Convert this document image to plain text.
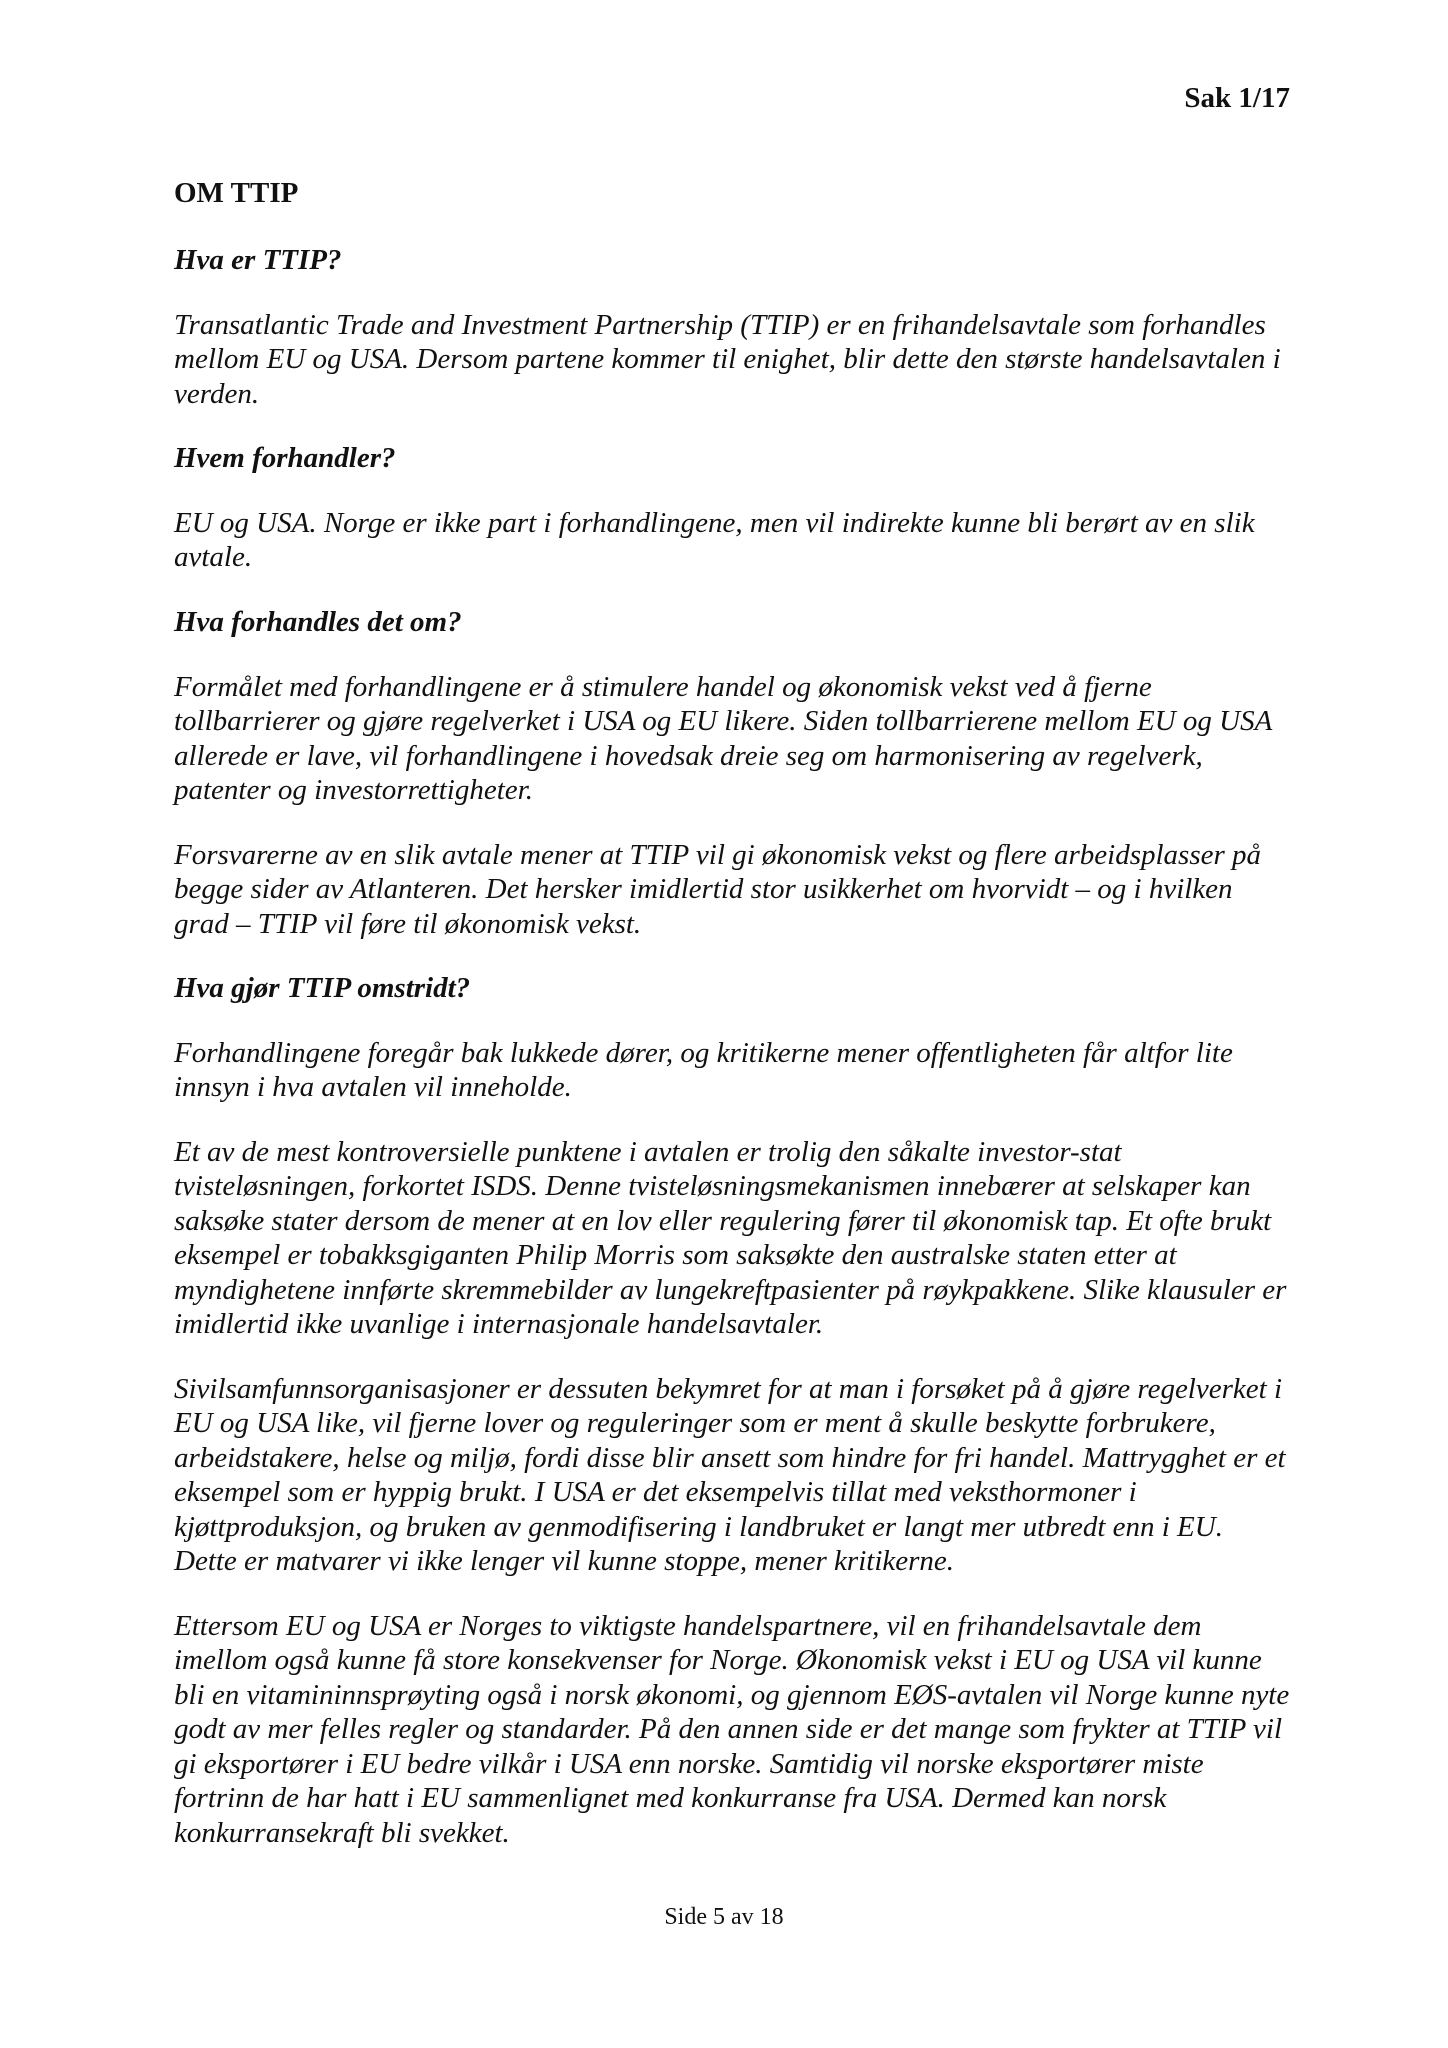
Sak 1/17
OM TTIP
Hva er TTIP?

Transatlantic Trade and Investment Partnership (TTIP) er en frihandelsavtale som forhandles mellom EU og USA. Dersom partene kommer til enighet, blir dette den største handelsavtalen i verden.

Hvem forhandler?

EU og USA. Norge er ikke part i forhandlingene, men vil indirekte kunne bli berørt av en slik avtale.

Hva forhandles det om?

Formålet med forhandlingene er å stimulere handel og økonomisk vekst ved å fjerne tollbarrierer og gjøre regelverket i USA og EU likere. Siden tollbarrierene mellom EU og USA allerede er lave, vil forhandlingene i hovedsak dreie seg om harmonisering av regelverk, patenter og investorrettigheter.

Forsvarerne av en slik avtale mener at TTIP vil gi økonomisk vekst og flere arbeidsplasser på begge sider av Atlanteren. Det hersker imidlertid stor usikkerhet om hvorvidt – og i hvilken grad – TTIP vil føre til økonomisk vekst.

Hva gjør TTIP omstridt?

Forhandlingene foregår bak lukkede dører, og kritikerne mener offentligheten får altfor lite innsyn i hva avtalen vil inneholde.

Et av de mest kontroversielle punktene i avtalen er trolig den såkalte investor-stat tvisteløsningen, forkortet ISDS. Denne tvisteløsningsmekanismen innebærer at selskaper kan saksøke stater dersom de mener at en lov eller regulering fører til økonomisk tap. Et ofte brukt eksempel er tobakksgiganten Philip Morris som saksøkte den australske staten etter at myndighetene innførte skremmebilder av lungekreftpasienter på røykpakkene. Slike klausuler er imidlertid ikke uvanlige i internasjonale handelsavtaler.

Sivilsamfunnsorganisasjoner er dessuten bekymret for at man i forsøket på å gjøre regelverket i EU og USA like, vil fjerne lover og reguleringer som er ment å skulle beskytte forbrukere, arbeidstakere, helse og miljø, fordi disse blir ansett som hindre for fri handel. Mattrygghet er et eksempel som er hyppig brukt. I USA er det eksempelvis tillat med veksthormoner i kjøttproduksjon, og bruken av genmodifisering i landbruket er langt mer utbredt enn i EU. Dette er matvarer vi ikke lenger vil kunne stoppe, mener kritikerne.

Ettersom EU og USA er Norges to viktigste handelspartnere, vil en frihandelsavtale dem imellom også kunne få store konsekvenser for Norge. Økonomisk vekst i EU og USA vil kunne bli en vitamininnsprøyting også i norsk økonomi, og gjennom EØS-avtalen vil Norge kunne nyte godt av mer felles regler og standarder. På den annen side er det mange som frykter at TTIP vil gi eksportører i EU bedre vilkår i USA enn norske. Samtidig vil norske eksportører miste fortrinn de har hatt i EU sammenlignet med konkurranse fra USA. Dermed kan norsk konkurransekraft bli svekket.

Side 5 av 18
